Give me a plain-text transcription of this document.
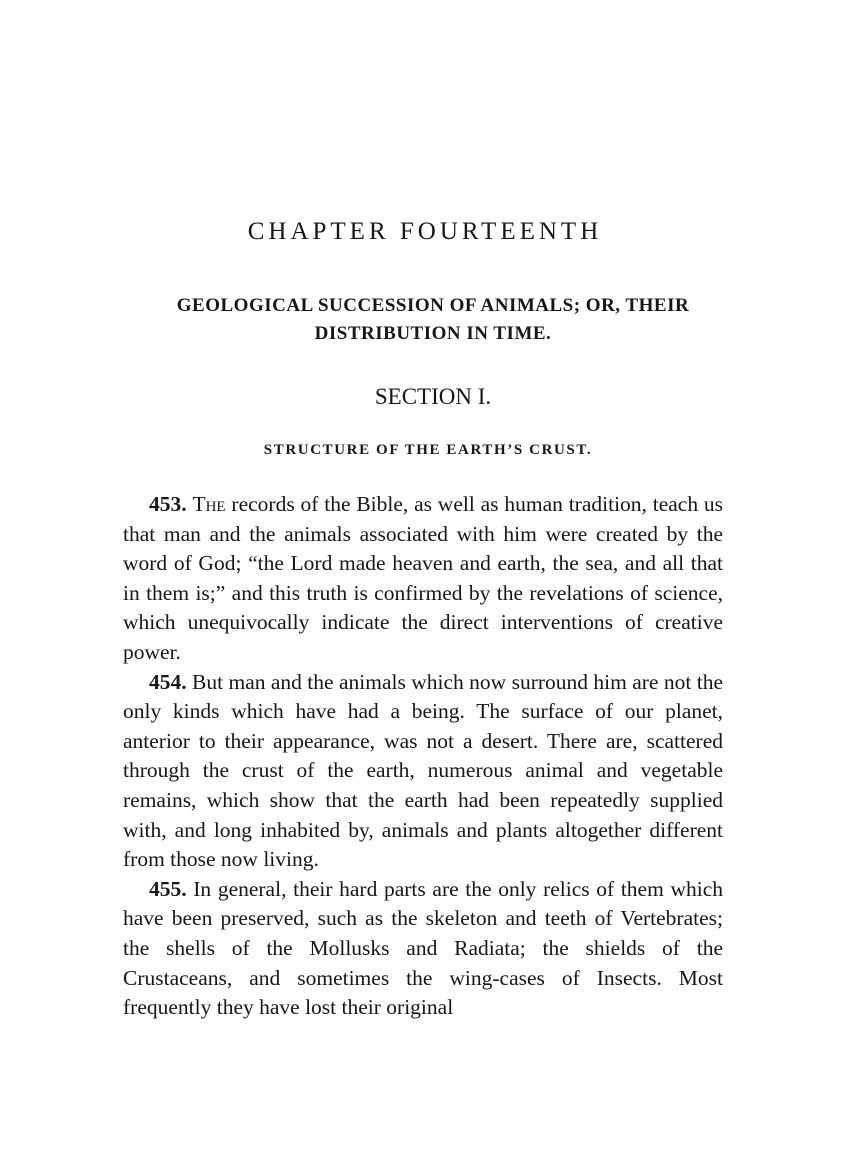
CHAPTER FOURTEENTH
GEOLOGICAL SUCCESSION OF ANIMALS; OR, THEIR
DISTRIBUTION IN TIME.
SECTION I.
STRUCTURE OF THE EARTH’S CRUST.

453. The records of the Bible, as well as human tradition, teach us that man and the animals associated with him were created by the word of God; “the Lord made heaven and earth, the sea, and all that in them is;” and this truth is confirmed by the revelations of science, which unequivocally indicate the direct interventions of creative power.

454. But man and the animals which now surround him are not the only kinds which have had a being. The surface of our planet, anterior to their appearance, was not a desert. There are, scattered through the crust of the earth, numerous animal and vegetable remains, which show that the earth had been repeatedly supplied with, and long inhabited by, animals and plants altogether different from those now living.

455. In general, their hard parts are the only relics of them which have been preserved, such as the skeleton and teeth of Vertebrates; the shells of the Mollusks and Radiata; the shields of the Crustaceans, and sometimes the wing-cases of Insects. Most frequently they have lost their original
